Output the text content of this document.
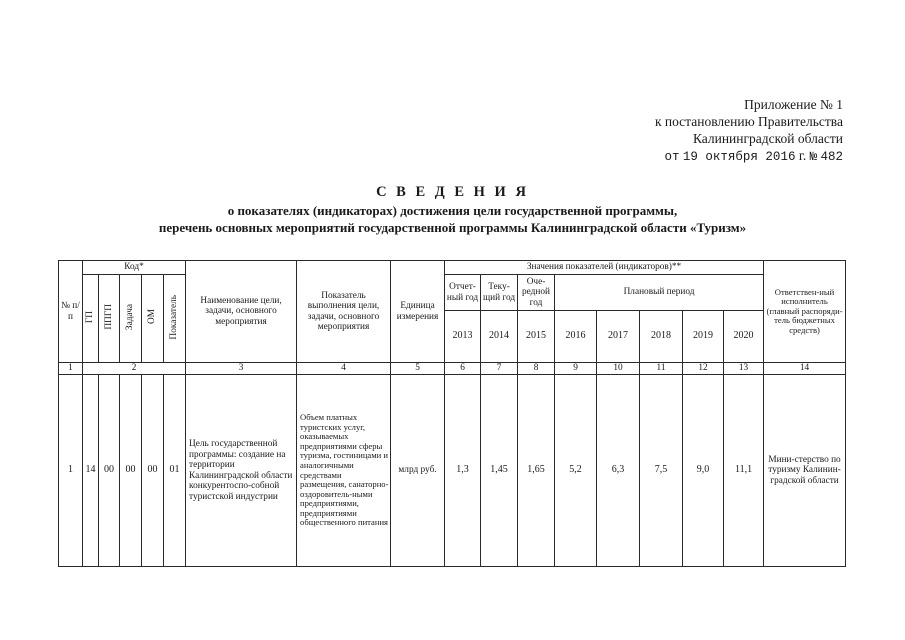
Приложение № 1
к постановлению Правительства
Калининградской области
от 19 октября 2016 г. № 482
С В Е Д Е Н И Я
о показателях (индикаторах) достижения цели государственной программы,
перечень основных мероприятий государственной программы Калининградской области «Туризм»
№ п/п	Код*					Наименование цели, задачи, основного мероприятия	Показатель выполнения цели, задачи, основного мероприятия	Единица измерения	Значения показателей (индикаторов)**								Ответствен-ный исполнитель (главный распоряди-тель бюджетных средств)
	ГП	ППГП	Задача	ОМ	Показатель				Отчет-ный год	Теку-щий год	Оче-редной год	Плановый период					
									2013	2014	2015	2016	2017	2018	2019	2020	
1	2					3	4	5	6	7	8	9	10	11	12	13	14
1	14	00	00	00	01	Цель государственной программы: создание на территории Калининградской области конкурентоспо-собной туристской индустрии	Объем платных туристских услуг, оказываемых предприятиями сферы туризма, гостиницами и аналогичными средствами размещения, санаторно-оздоровитель-ными предприятиями, предприятиями общественного питания	млрд руб.	1,3	1,45	1,65	5,2	6,3	7,5	9,0	11,1	Мини-стерство по туризму Калинин-градской области
